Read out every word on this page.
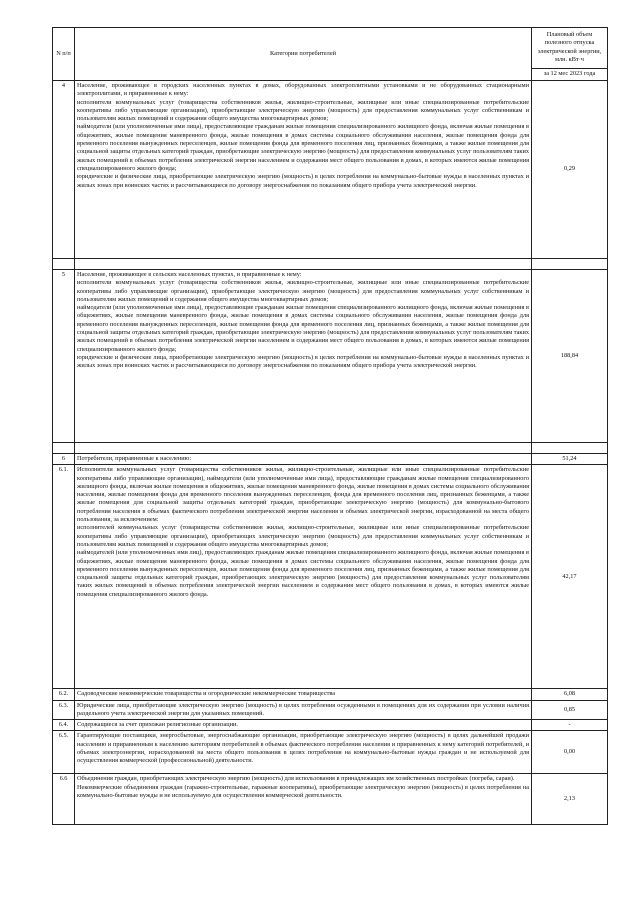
N п/п	Категории потребителей	Плановый объем полезного отпуска электрической энергии, млн. кВт·ч
за 12 мес 2023 года

4	Население, проживающее в городских населенных пунктах в домах, оборудованных электроплитными установками и не оборудованных стационарными электроплитами, и приравненные к нему:

исполнители коммунальных услуг (товарищества собственников жилья, жилищно-строительные, жилищные или иные специализированные потребительские кооперативы либо управляющие организации), приобретающие электрическую энергию (мощность) для предоставления коммунальных услуг собственникам и пользователям жилых помещений и содержания общего имущества многоквартирных домов;

наймодатели (или уполномоченные ими лица), предоставляющие гражданам жилые помещения специализированного жилищного фонда, включая жилые помещения в общежитиях, жилые помещения маневренного фонда, жилые помещения в домах системы социального обслуживания населения, жилые помещения фонда для временного поселения вынужденных переселенцев, жилые помещения фонда для временного поселения лиц, признанных беженцами, а также жилые помещения для социальной защиты отдельных категорий граждан, приобретающие электрическую энергию (мощность) для предоставления коммунальных услуг пользователям таких жилых помещений в объемах потребления электрической энергии населением и содержания мест общего пользования в домах, в которых имеются жилые помещения специализированного жилого фонда;

юридические и физические лица, приобретающие электрическую энергию (мощность) в целях потребления на коммунально-бытовые нужды в населенных пунктах и жилых зонах при воинских частях и рассчитывающиеся по договору энергоснабжения по показаниям общего прибора учета электрической энергии.	0,29

5	Население, проживающее в сельских населенных пунктах, и приравненные к нему:

исполнители коммунальных услуг (товарищества собственников жилья, жилищно-строительные, жилищные или иные специализированные потребительские кооперативы либо управляющие организации), приобретающие электрическую энергию (мощность) для предоставления коммунальных услуг собственникам и пользователям жилых помещений и содержания общего имущества многоквартирных домов;

наймодатели (или уполномоченные ими лица), предоставляющие гражданам жилые помещения специализированного жилищного фонда, включая жилые помещения в общежитиях, жилые помещения маневренного фонда, жилые помещения в домах системы социального обслуживания населения, жилые помещения фонда для временного поселения вынужденных переселенцев, жилые помещения фонда для временного поселения лиц, признанных беженцами, а также жилые помещения для социальной защиты отдельных категорий граждан, приобретающие электрическую энергию (мощность) для предоставления коммунальных услуг пользователям таких жилых помещений в объемах потребления электрической энергии населением и содержания мест общего пользования в домах, в которых имеются жилые помещения специализированного жилого фонда;

юридические и физические лица, приобретающие электрическую энергию (мощность) в целях потребления на коммунально-бытовые нужды в населенных пунктах и жилых зонах при воинских частях и рассчитывающиеся по договору энергоснабжения по показаниям общего прибора учета электрической энергии.	188,84

6	Потребители, приравненные к населению:	51,24
6.1.	Исполнители коммунальных услуг (товарищества собственников жилья, жилищно-строительные, жилищные или иные специализированные потребительские кооперативы либо управляющие организации), наймодатели (или уполномоченные ими лица), предоставляющие гражданам жилые помещения специализированного жилищного фонда, включая жилые помещения в общежитиях, жилые помещения маневренного фонда, жилые помещения в домах системы социального обслуживания населения, жилые помещения фонда для временного поселения вынужденных переселенцев, фонда для временного поселения лиц, признанных беженцами, а также жилые помещения для социальной защиты отдельных категорий граждан, приобретающие электрическую энергию (мощность) для коммунально-бытового потребления населения в объемах фактического потребления электрической энергии населения и объемах электрической энергии, израсходованной на места общего пользования, за исключением:

исполнителей коммунальных услуг (товарищества собственников жилья, жилищно-строительные, жилищные или иные специализированные потребительские кооперативы либо управляющие организации), приобретающих электрическую энергию (мощность) для предоставления коммунальных услуг собственникам и пользователям жилых помещений и содержания общего имущества многоквартирных домов;

наймодателей (или уполномоченных ими лиц), предоставляющих гражданам жилые помещения специализированного жилищного фонда, включая жилые помещения в общежитиях, жилые помещения маневренного фонда, жилые помещения в домах системы социального обслуживания населения, жилые помещения фонда для временного поселения вынужденных переселенцев, жилые помещения фонда для временного поселения лиц, признанных беженцами, а также жилые помещения для социальной защиты отдельных категорий граждан, приобретающих электрическую энергию (мощность) для предоставления коммунальных услуг пользователям таких жилых помещений в объемах потребления электрической энергии населением и содержания мест общего пользования в домах, в которых имеются жилые помещения специализированного жилого фонда.	42,17
6.2.	Садоводческие некоммерческие товарищества и огороднические некоммерческие товарищества	6,08
6.3.	Юридические лица, приобретающие электрическую энергию (мощность) в целях потребления осужденными в помещениях для их содержания при условии наличия раздельного учета электрической энергии для указанных помещений.	0,85
6.4.	Содержащиеся за счет прихожан религиозные организации.	-
6.5.	Гарантирующие поставщики, энергосбытовые, энергоснабжающие организации, приобретающие электрическую энергию (мощность) в целях дальнейшей продажи населению и приравненным к населению категориям потребителей в объемах фактического потребления населения и приравненных к нему категорий потребителей, и объемах электроэнергии, израсходованной на места общего пользования в целях потребления на коммунально-бытовые нужды граждан и не используемой для осуществления коммерческой (профессиональной) деятельности.	0,00
6.6	Объединения граждан, приобретающих электрическую энергию (мощность) для использования в принадлежащих им хозяйственных постройках (погреба, сараи).

Некоммерческие объединения граждан (гаражно-строительные, гаражные кооперативы), приобретающие электрическую энергию (мощность) в целях потребления на коммунально-бытовые нужды и не используемую для осуществления коммерческой деятельности.	2,13
